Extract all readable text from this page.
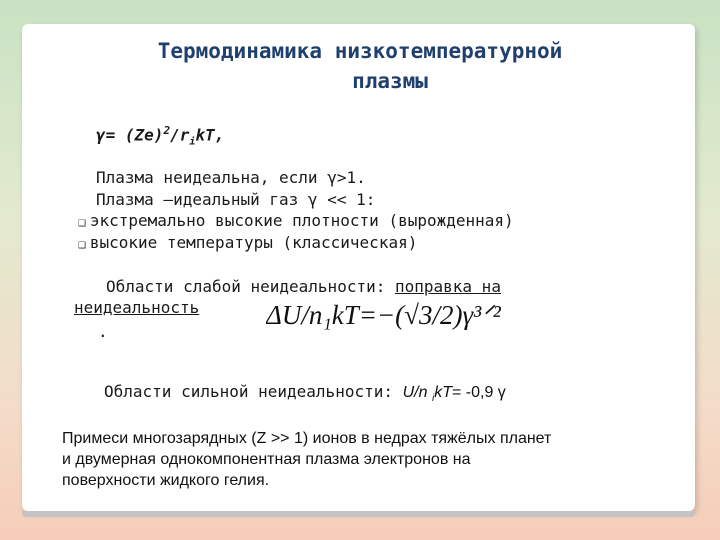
Термодинамика низкотемпературной
плазмы
$\gamma= (Ze)^2/r_ikT$,
Плазма неидеальна, если γ>1.
Плазма –идеальный газ γ << 1:
❑ экстремально высокие плотности (вырожденная)
❑ высокие температуры (классическая)
Области слабой неидеальности: поправка на
неидеальность
.
ΔU/n₁kT=−(√3/2)γ³ᐟ²
Области сильной неидеальности: U/n $_i$kT= -0,9 γ
Примеси многозарядных (Z >> 1) ионов в недрах тяжёлых планет
и двумерная однокомпонентная плазма электронов на
поверхности жидкого гелия.
